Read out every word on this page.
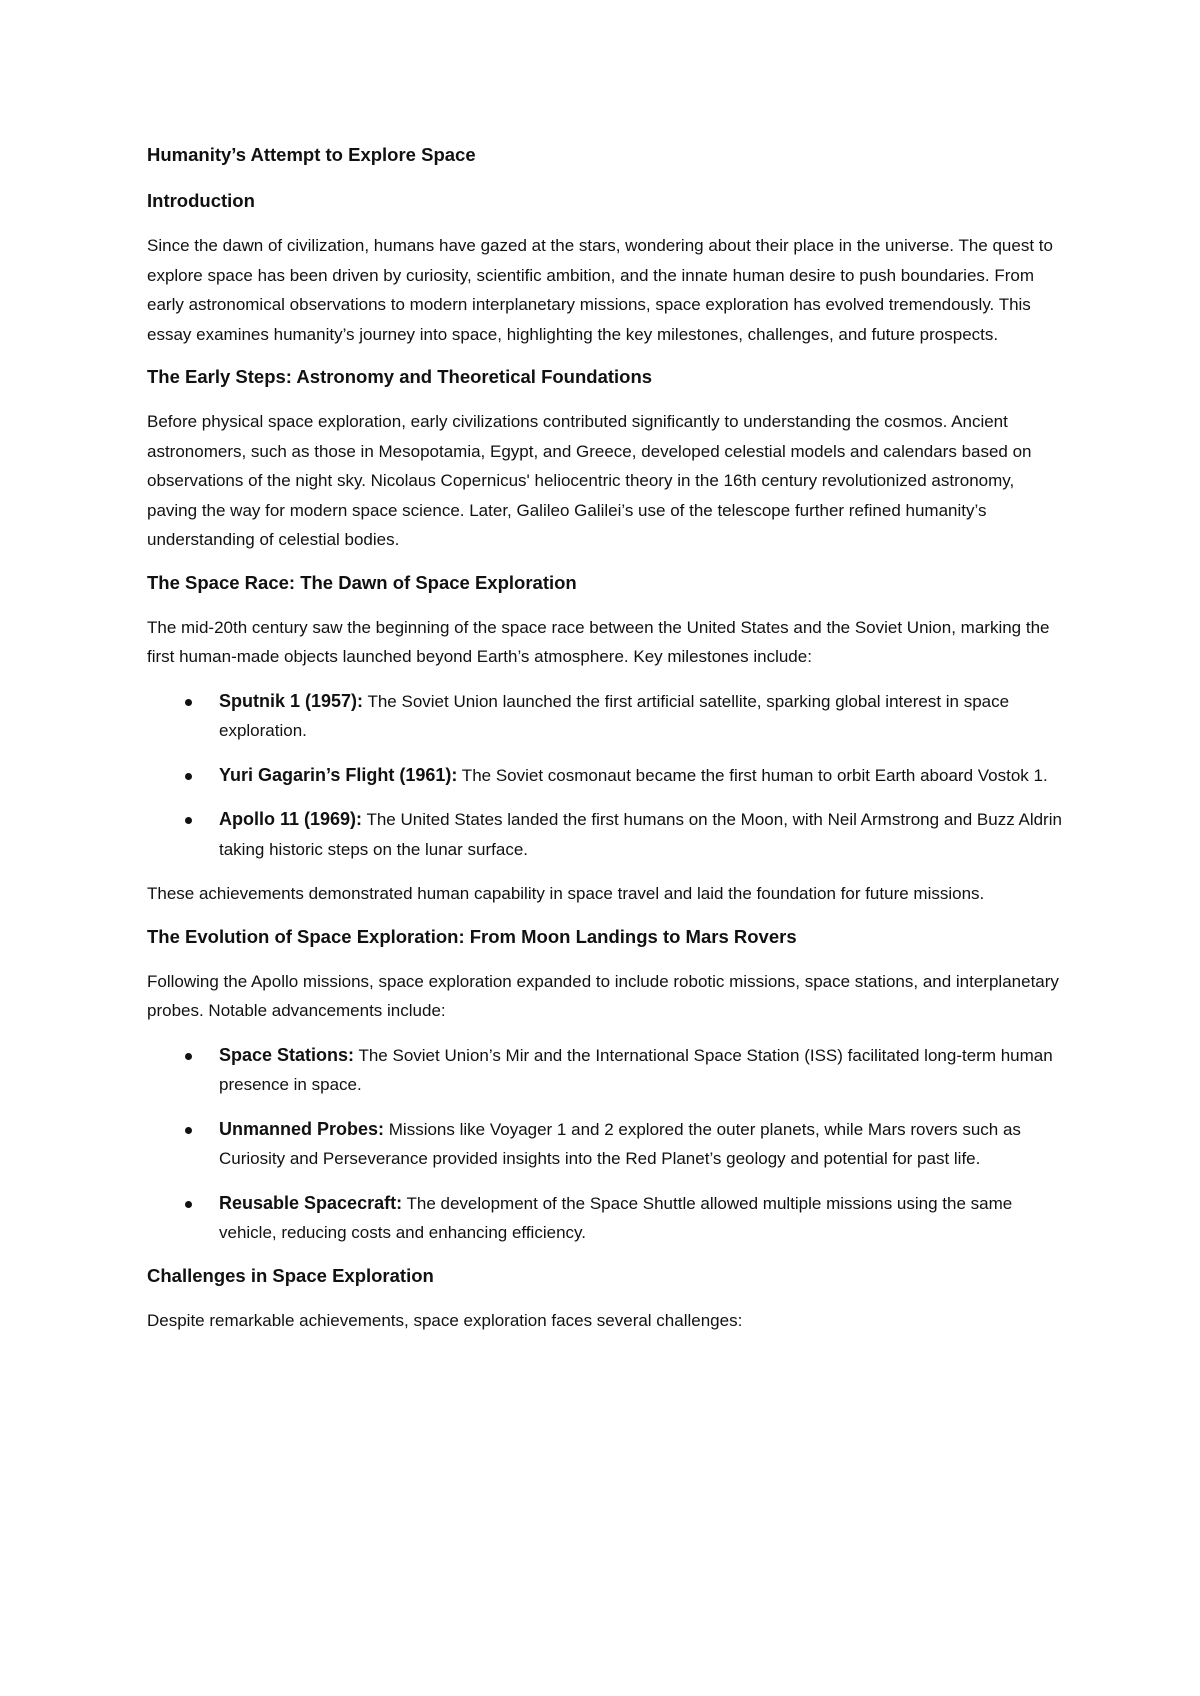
Humanity’s Attempt to Explore Space
Introduction

Since the dawn of civilization, humans have gazed at the stars, wondering about their place in the universe. The quest to explore space has been driven by curiosity, scientific ambition, and the innate human desire to push boundaries. From early astronomical observations to modern interplanetary missions, space exploration has evolved tremendously. This essay examines humanity’s journey into space, highlighting the key milestones, challenges, and future prospects.

The Early Steps: Astronomy and Theoretical Foundations

Before physical space exploration, early civilizations contributed significantly to understanding the cosmos. Ancient astronomers, such as those in Mesopotamia, Egypt, and Greece, developed celestial models and calendars based on observations of the night sky. Nicolaus Copernicus' heliocentric theory in the 16th century revolutionized astronomy, paving the way for modern space science. Later, Galileo Galilei’s use of the telescope further refined humanity’s understanding of celestial bodies.

The Space Race: The Dawn of Space Exploration

The mid-20th century saw the beginning of the space race between the United States and the Soviet Union, marking the first human-made objects launched beyond Earth’s atmosphere. Key milestones include:

Sputnik 1 (1957): The Soviet Union launched the first artificial satellite, sparking global interest in space exploration.
Yuri Gagarin’s Flight (1961): The Soviet cosmonaut became the first human to orbit Earth aboard Vostok 1.
Apollo 11 (1969): The United States landed the first humans on the Moon, with Neil Armstrong and Buzz Aldrin taking historic steps on the lunar surface.

These achievements demonstrated human capability in space travel and laid the foundation for future missions.

The Evolution of Space Exploration: From Moon Landings to Mars Rovers

Following the Apollo missions, space exploration expanded to include robotic missions, space stations, and interplanetary probes. Notable advancements include:

Space Stations: The Soviet Union’s Mir and the International Space Station (ISS) facilitated long-term human presence in space.
Unmanned Probes: Missions like Voyager 1 and 2 explored the outer planets, while Mars rovers such as Curiosity and Perseverance provided insights into the Red Planet’s geology and potential for past life.
Reusable Spacecraft: The development of the Space Shuttle allowed multiple missions using the same vehicle, reducing costs and enhancing efficiency.
Challenges in Space Exploration

Despite remarkable achievements, space exploration faces several challenges:
